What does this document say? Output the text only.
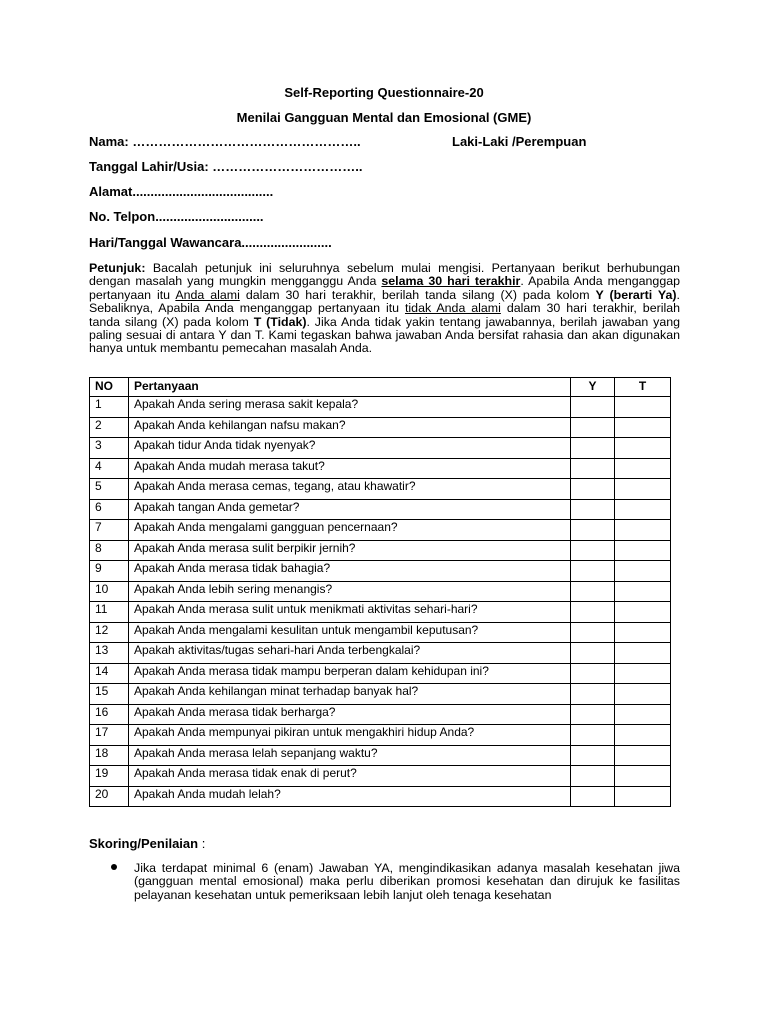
Self-Reporting Questionnaire-20
Menilai Gangguan Mental dan Emosional (GME)
Nama: ……………………………………………..	Laki-Laki /Perempuan
Tanggal Lahir/Usia: ……………………………..
Alamat.......................................
No. Telpon..............................
Hari/Tanggal Wawancara.........................
Petunjuk: Bacalah petunjuk ini seluruhnya sebelum mulai mengisi. Pertanyaan berikut berhubungan dengan masalah yang mungkin mengganggu Anda selama 30 hari terakhir. Apabila Anda menganggap pertanyaan itu Anda alami dalam 30 hari terakhir, berilah tanda silang (X) pada kolom Y (berarti Ya). Sebaliknya, Apabila Anda menganggap pertanyaan itu tidak Anda alami dalam 30 hari terakhir, berilah tanda silang (X) pada kolom T (Tidak). Jika Anda tidak yakin tentang jawabannya, berilah jawaban yang paling sesuai di antara Y dan T. Kami tegaskan bahwa jawaban Anda bersifat rahasia dan akan digunakan hanya untuk membantu pemecahan masalah Anda.
NO	Pertanyaan	Y	T
1	Apakah Anda sering merasa sakit kepala?		
2	Apakah Anda kehilangan nafsu makan?		
3	Apakah tidur Anda tidak nyenyak?		
4	Apakah Anda mudah merasa takut?		
5	Apakah Anda merasa cemas, tegang, atau khawatir?		
6	Apakah tangan Anda gemetar?		
7	Apakah Anda mengalami gangguan pencernaan?		
8	Apakah Anda merasa sulit berpikir jernih?		
9	Apakah Anda merasa tidak bahagia?		
10	Apakah Anda lebih sering menangis?		
11	Apakah Anda merasa sulit untuk menikmati aktivitas sehari-hari?		
12	Apakah Anda mengalami kesulitan untuk mengambil keputusan?		
13	Apakah aktivitas/tugas sehari-hari Anda terbengkalai?		
14	Apakah Anda merasa tidak mampu berperan dalam kehidupan ini?		
15	Apakah Anda kehilangan minat terhadap banyak hal?		
16	Apakah Anda merasa tidak berharga?		
17	Apakah Anda mempunyai pikiran untuk mengakhiri hidup Anda?		
18	Apakah Anda merasa lelah sepanjang waktu?		
19	Apakah Anda merasa tidak enak di perut?		
20	Apakah Anda mudah lelah?		
Skoring/Penilaian :
Jika terdapat minimal 6 (enam) Jawaban YA, mengindikasikan adanya masalah kesehatan jiwa (gangguan mental emosional) maka perlu diberikan promosi kesehatan dan dirujuk ke fasilitas pelayanan kesehatan untuk pemeriksaan lebih lanjut oleh tenaga kesehatan
